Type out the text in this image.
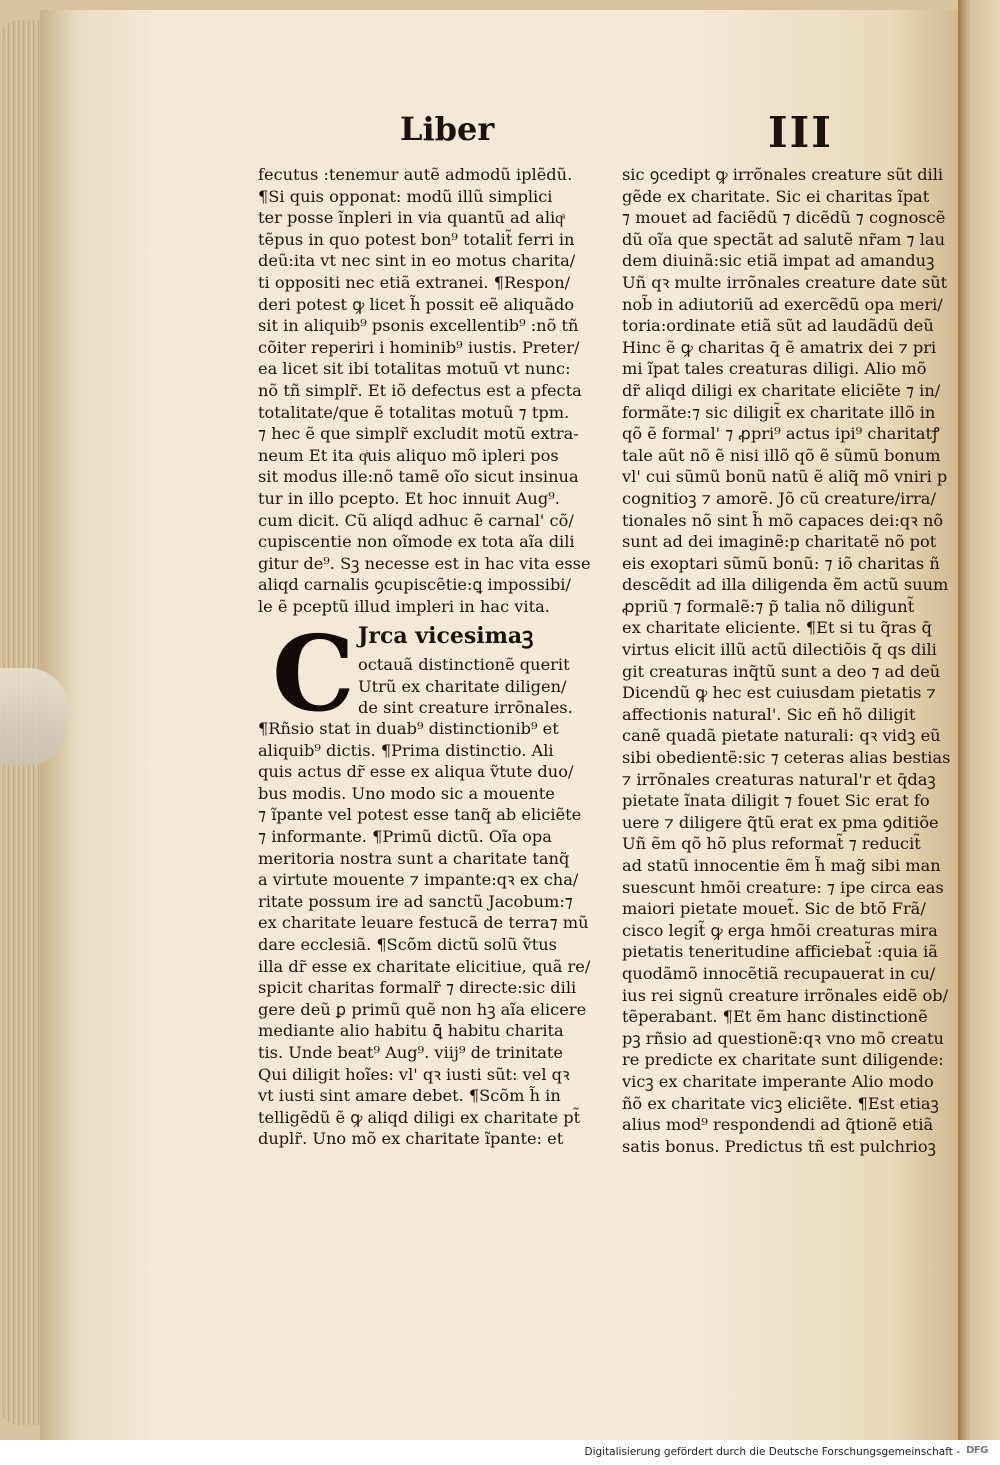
Liber	III
fecutus :tenemur autẽ admodũ iplẽdũ.
¶Si quis opponat: modũ illũ simplici
ter posse ĩnpleri in via quantũ ad aliqͣ
tẽpus in quo potest bon⁹ totalit̃ ferri in
deũ:ita vt nec sint in eo motus charita/
ti oppositi nec etiã extranei. ¶Respon/
deri potest ꝙ licet h̃ possit eẽ aliquãdo
sit in aliquib⁹ psonis excellentib⁹ :nõ tñ
cõiter reperiri i hominib⁹ iustis. Preter/
ea licet sit ibi totalitas motuũ vt nunc:
nõ tñ simplr̃. Et iõ defectus est a pfecta
totalitate/que ẽ totalitas motuũ ⁊ tpm.
⁊ hec ẽ que simplr̃ excludit motũ extra-
neum Et ita qͥuis aliquo mõ ipleri pos
sit modus ille:nõ tamẽ oĩo sicut insinua
tur in illo pcepto. Et hoc innuit Aug⁹.
cum dicit. Cũ aliqd adhuc ẽ carnal' cõ/
cupiscentie non oĩmode ex tota aĩa dili
gitur de⁹. Sꝫ necesse est in hac vita esse
aliqd carnalis ꝯcupiscẽtie:ꝗ impossibi/
le ẽ pceptũ illud impleri in hac vita.
C Jrca vicesimaꝫ
octauã distinctionẽ querit
Utrũ ex charitate diligen/
de sint creature irrõnales.
¶Rñsio stat in duab⁹ distinctionib⁹ et
aliquib⁹ dictis. ¶Prima distinctio. Ali
quis actus dr̃ esse ex aliqua ṽtute duo/
bus modis. Uno modo sic a mouente
⁊ ĩpante vel potest esse tanq̃ ab eliciẽte
⁊ informante. ¶Primũ dictũ. Oĩa opa
meritoria nostra sunt a charitate tanq̃
a virtute mouente ⁊ impante:qꝛ ex cha/
ritate possum ire ad sanctũ Jacobum:⁊
ex charitate leuare festucã de terra⁊ mũ
dare ecclesiã. ¶Scõm dictũ solũ ṽtus
illa dr̃ esse ex charitate elicitiue, quã re/
spicit charitas formalr̃ ⁊ directe:sic dili
gere deũ ꝑ primũ quẽ non hꝫ aĩa elicere
mediante alio habitu ꝗ̄ habitu charita
tis. Unde beat⁹ Aug⁹. viij⁹ de trinitate
Qui diligit hoĩes: vl' qꝛ iusti sũt: vel qꝛ
vt iusti sint amare debet. ¶Scõm h̃ in
telligẽdũ ẽ ꝙ aliqd diligi ex charitate pt̃
duplr̃. Uno mõ ex charitate ĩpante: et
sic ꝯcedipt ꝙ irrõnales creature sũt dili
gẽde ex charitate. Sic ei charitas ĩpat
⁊ mouet ad faciẽdũ ⁊ dicẽdũ ⁊ cognoscẽ
dũ oĩa que spectãt ad salutẽ nr̃am ⁊ lau
dem diuinã:sic etiã impat ad amanduꝫ
Uñ qꝛ multe irrõnales creature date sũt
nob̃ in adiutoriũ ad exercẽdũ opa meri/
toria:ordinate etiã sũt ad laudãdũ deũ
Hinc ẽ ꝙ charitas q̄ ẽ amatrix dei ⁊ pri
mi ĩpat tales creaturas diligi. Alio mõ
dr̃ aliqd diligi ex charitate eliciẽte ⁊ in/
formãte:⁊ sic diligit̃ ex charitate illõ in
qõ ẽ formal' ⁊ ꝓpri⁹ actus ipi⁹ charitatꝭ
tale aũt nõ ẽ nisi illõ qõ ẽ sũmũ bonum
vl' cui sũmũ bonũ natũ ẽ aliq̃ mõ vniri p
cognitioꝫ ⁊ amorẽ. Jõ cũ creature/irra/
tionales nõ sint h̃ mõ capaces dei:qꝛ nõ
sunt ad dei imaginẽ:p charitatẽ nõ pot
eis exoptari sũmũ bonũ: ⁊ iõ charitas ñ
descẽdit ad illa diligenda ẽm actũ suum
ꝓpriũ ⁊ formalẽ:⁊ p̃ talia nõ diligunt̃
ex charitate eliciente. ¶Et si tu q̃ras q̄
virtus elicit illũ actũ dilectiõis q̄ qs dili
git creaturas inq̃tũ sunt a deo ⁊ ad deũ
Dicendũ ꝙ hec est cuiusdam pietatis ⁊
affectionis natural'. Sic eñ hõ diligit
canẽ quadã pietate naturali: qꝛ vidꝫ eũ
sibi obedientẽ:sic ⁊ ceteras alias bestias
⁊ irrõnales creaturas natural'r et q̄daꝫ
pietate ĩnata diligit ⁊ fouet Sic erat fo
uere ⁊ diligere q̃tũ erat ex pma ꝯditiõe
Uñ ẽm qõ hõ plus reformat̃ ⁊ reducit̃
ad statũ innocentie ẽm h̃ mag̃ sibi man
suescunt hmõi creature: ⁊ ipe circa eas
maiori pietate mouet̃. Sic de btõ Frã/
cisco legit̃ ꝙ erga hmõi creaturas mira
pietatis teneritudine afficiebat̃ :quia iã
quodãmõ innocẽtiã recupauerat in cu/
ius rei signũ creature irrõnales eidẽ ob/
tẽperabant. ¶Et ẽm hanc distinctionẽ
pꝫ rñsio ad questionẽ:qꝛ vno mõ creatu
re predicte ex charitate sunt diligende:
vicꝫ ex charitate imperante Alio modo
ñõ ex charitate vicꝫ eliciẽte. ¶Est etiaꝫ
alius mod⁹ respondendi ad q̃tionẽ etiã
satis bonus. Predictus tñ est pulchrioꝫ
Digitalisierung gefördert durch die Deutsche Forschungsgemeinschaft - DFG
